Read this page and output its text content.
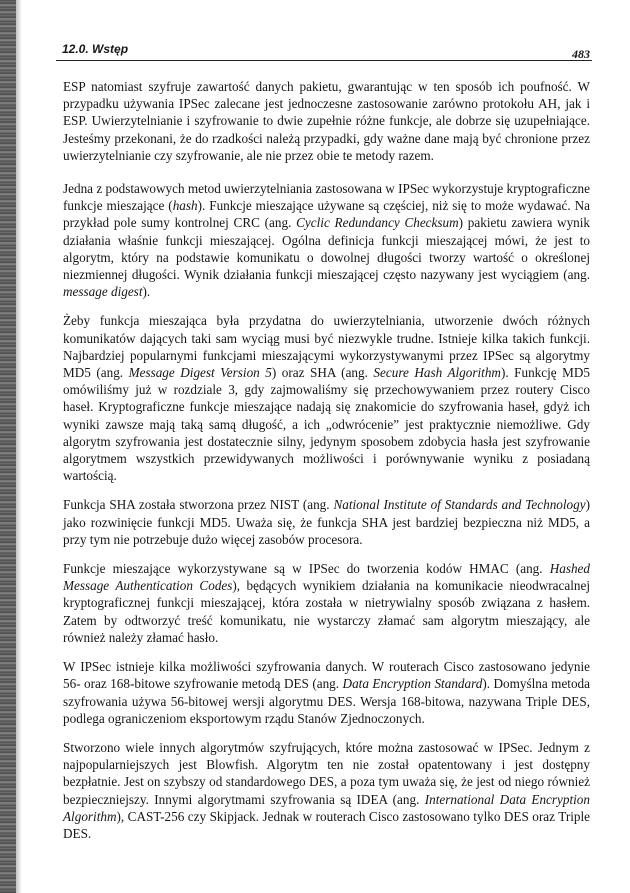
12.0. Wstęp	483

ESP natomiast szyfruje zawartość danych pakietu, gwarantując w ten sposób ich poufność. W przypadku używania IPSec zalecane jest jednoczesne zastosowanie zarówno protokołu AH, jak i ESP. Uwierzytelnianie i szyfrowanie to dwie zupełnie różne funkcje, ale dobrze się uzupełniające. Jesteśmy przekonani, że do rzadkości należą przypadki, gdy ważne dane mają być chronione przez uwierzytelnianie czy szyfrowanie, ale nie przez obie te metody razem.

Jedna z podstawowych metod uwierzytelniania zastosowana w IPSec wykorzystuje kryptograficzne funkcje mieszające (hash). Funkcje mieszające używane są częściej, niż się to może wydawać. Na przykład pole sumy kontrolnej CRC (ang. Cyclic Redundancy Checksum) pakietu zawiera wynik działania właśnie funkcji mieszającej. Ogólna definicja funkcji mieszającej mówi, że jest to algorytm, który na podstawie komunikatu o dowolnej długości tworzy wartość o określonej niezmiennej długości. Wynik działania funkcji mieszającej często nazywany jest wyciągiem (ang. message digest).

Żeby funkcja mieszająca była przydatna do uwierzytelniania, utworzenie dwóch różnych komunikatów dających taki sam wyciąg musi być niezwykle trudne. Istnieje kilka takich funkcji. Najbardziej popularnymi funkcjami mieszającymi wykorzystywanymi przez IPSec są algorytmy MD5 (ang. Message Digest Version 5) oraz SHA (ang. Secure Hash Algorithm). Funkcję MD5 omówiliśmy już w rozdziale 3, gdy zajmowaliśmy się przechowywaniem przez routery Cisco haseł. Kryptograficzne funkcje mieszające nadają się znakomicie do szyfrowania haseł, gdyż ich wyniki zawsze mają taką samą długość, a ich „odwrócenie” jest praktycznie niemożliwe. Gdy algorytm szyfrowania jest dostatecznie silny, jedynym sposobem zdobycia hasła jest szyfrowanie algorytmem wszystkich przewidywanych możliwości i porównywanie wyniku z posiadaną wartością.

Funkcja SHA została stworzona przez NIST (ang. National Institute of Standards and Technology) jako rozwinięcie funkcji MD5. Uważa się, że funkcja SHA jest bardziej bezpieczna niż MD5, a przy tym nie potrzebuje dużo więcej zasobów procesora.

Funkcje mieszające wykorzystywane są w IPSec do tworzenia kodów HMAC (ang. Hashed Message Authentication Codes), będących wynikiem działania na komunikacie nieodwracalnej kryptograficznej funkcji mieszającej, która została w nietrywialny sposób związana z hasłem. Zatem by odtworzyć treść komunikatu, nie wystarczy złamać sam algorytm mieszający, ale również należy złamać hasło.

W IPSec istnieje kilka możliwości szyfrowania danych. W routerach Cisco zastosowano jedynie 56- oraz 168-bitowe szyfrowanie metodą DES (ang. Data Encryption Standard). Domyślna metoda szyfrowania używa 56-bitowej wersji algorytmu DES. Wersja 168-bitowa, nazywana Triple DES, podlega ograniczeniom eksportowym rządu Stanów Zjednoczonych.

Stworzono wiele innych algorytmów szyfrujących, które można zastosować w IPSec. Jednym z najpopularniejszych jest Blowfish. Algorytm ten nie został opatentowany i jest dostępny bezpłatnie. Jest on szybszy od standardowego DES, a poza tym uważa się, że jest od niego również bezpieczniejszy. Innymi algorytmami szyfrowania są IDEA (ang. International Data Encryption Algorithm), CAST-256 czy Skipjack. Jednak w routerach Cisco zastosowano tylko DES oraz Triple DES.
